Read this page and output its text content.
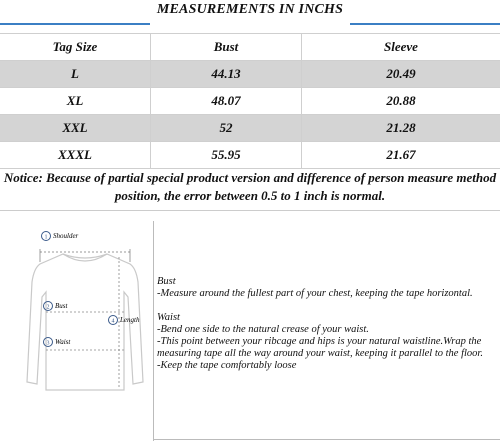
MEASUREMENTS IN INCHS
Tag Size	Bust	Sleeve
L	44.13	20.49
XL	48.07	20.88
XXL	52	21.28
XXXL	55.95	21.67
Notice: Because of partial special product version and difference of person measure method
position, the error between 0.5 to 1 inch is normal.
1 Shoulder
2 Bust
3 Waist
4 Length
Bust
-Measure around the fullest part of your chest, keeping the tape horizontal.
Waist
-Bend one side to the natural crease of your waist.
-This point between your ribcage and hips is your natural waistline.Wrap the
measuring tape all the way around your waist, keeping it parallel to the floor.
-Keep the tape comfortably loose
